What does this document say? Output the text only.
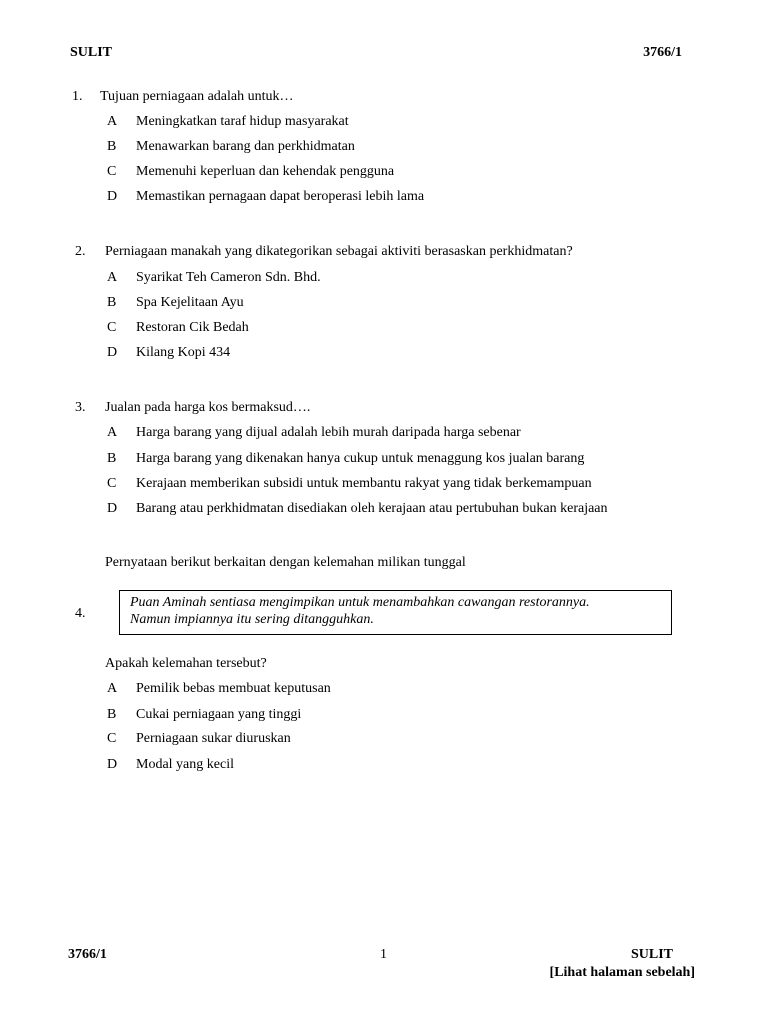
SULIT	3766/1
1. Tujuan perniagaan adalah untuk…
A Meningkatkan taraf hidup masyarakat
B Menawarkan barang dan perkhidmatan
C Memenuhi keperluan dan kehendak pengguna
D Memastikan pernagaan dapat beroperasi lebih lama
2. Perniagaan manakah yang dikategorikan sebagai aktiviti berasaskan perkhidmatan?
A Syarikat Teh Cameron Sdn. Bhd.
B Spa Kejelitaan Ayu
C Restoran Cik Bedah
D Kilang Kopi 434
3. Jualan pada harga kos bermaksud….
A Harga barang yang dijual adalah lebih murah daripada harga sebenar
B Harga barang yang dikenakan hanya cukup untuk menaggung kos jualan barang
C Kerajaan memberikan subsidi untuk membantu rakyat yang tidak berkemampuan
D Barang atau perkhidmatan disediakan oleh kerajaan atau pertubuhan bukan kerajaan
Pernyataan berikut berkaitan dengan kelemahan milikan tunggal
4.
Puan Aminah sentiasa mengimpikan untuk menambahkan cawangan restorannya.
Namun impiannya itu sering ditangguhkan.
Apakah kelemahan tersebut?
A Pemilik bebas membuat keputusan
B Cukai perniagaan yang tinggi
C Perniagaan sukar diuruskan
D Modal yang kecil
3766/1	1	SULIT
[Lihat halaman sebelah]
